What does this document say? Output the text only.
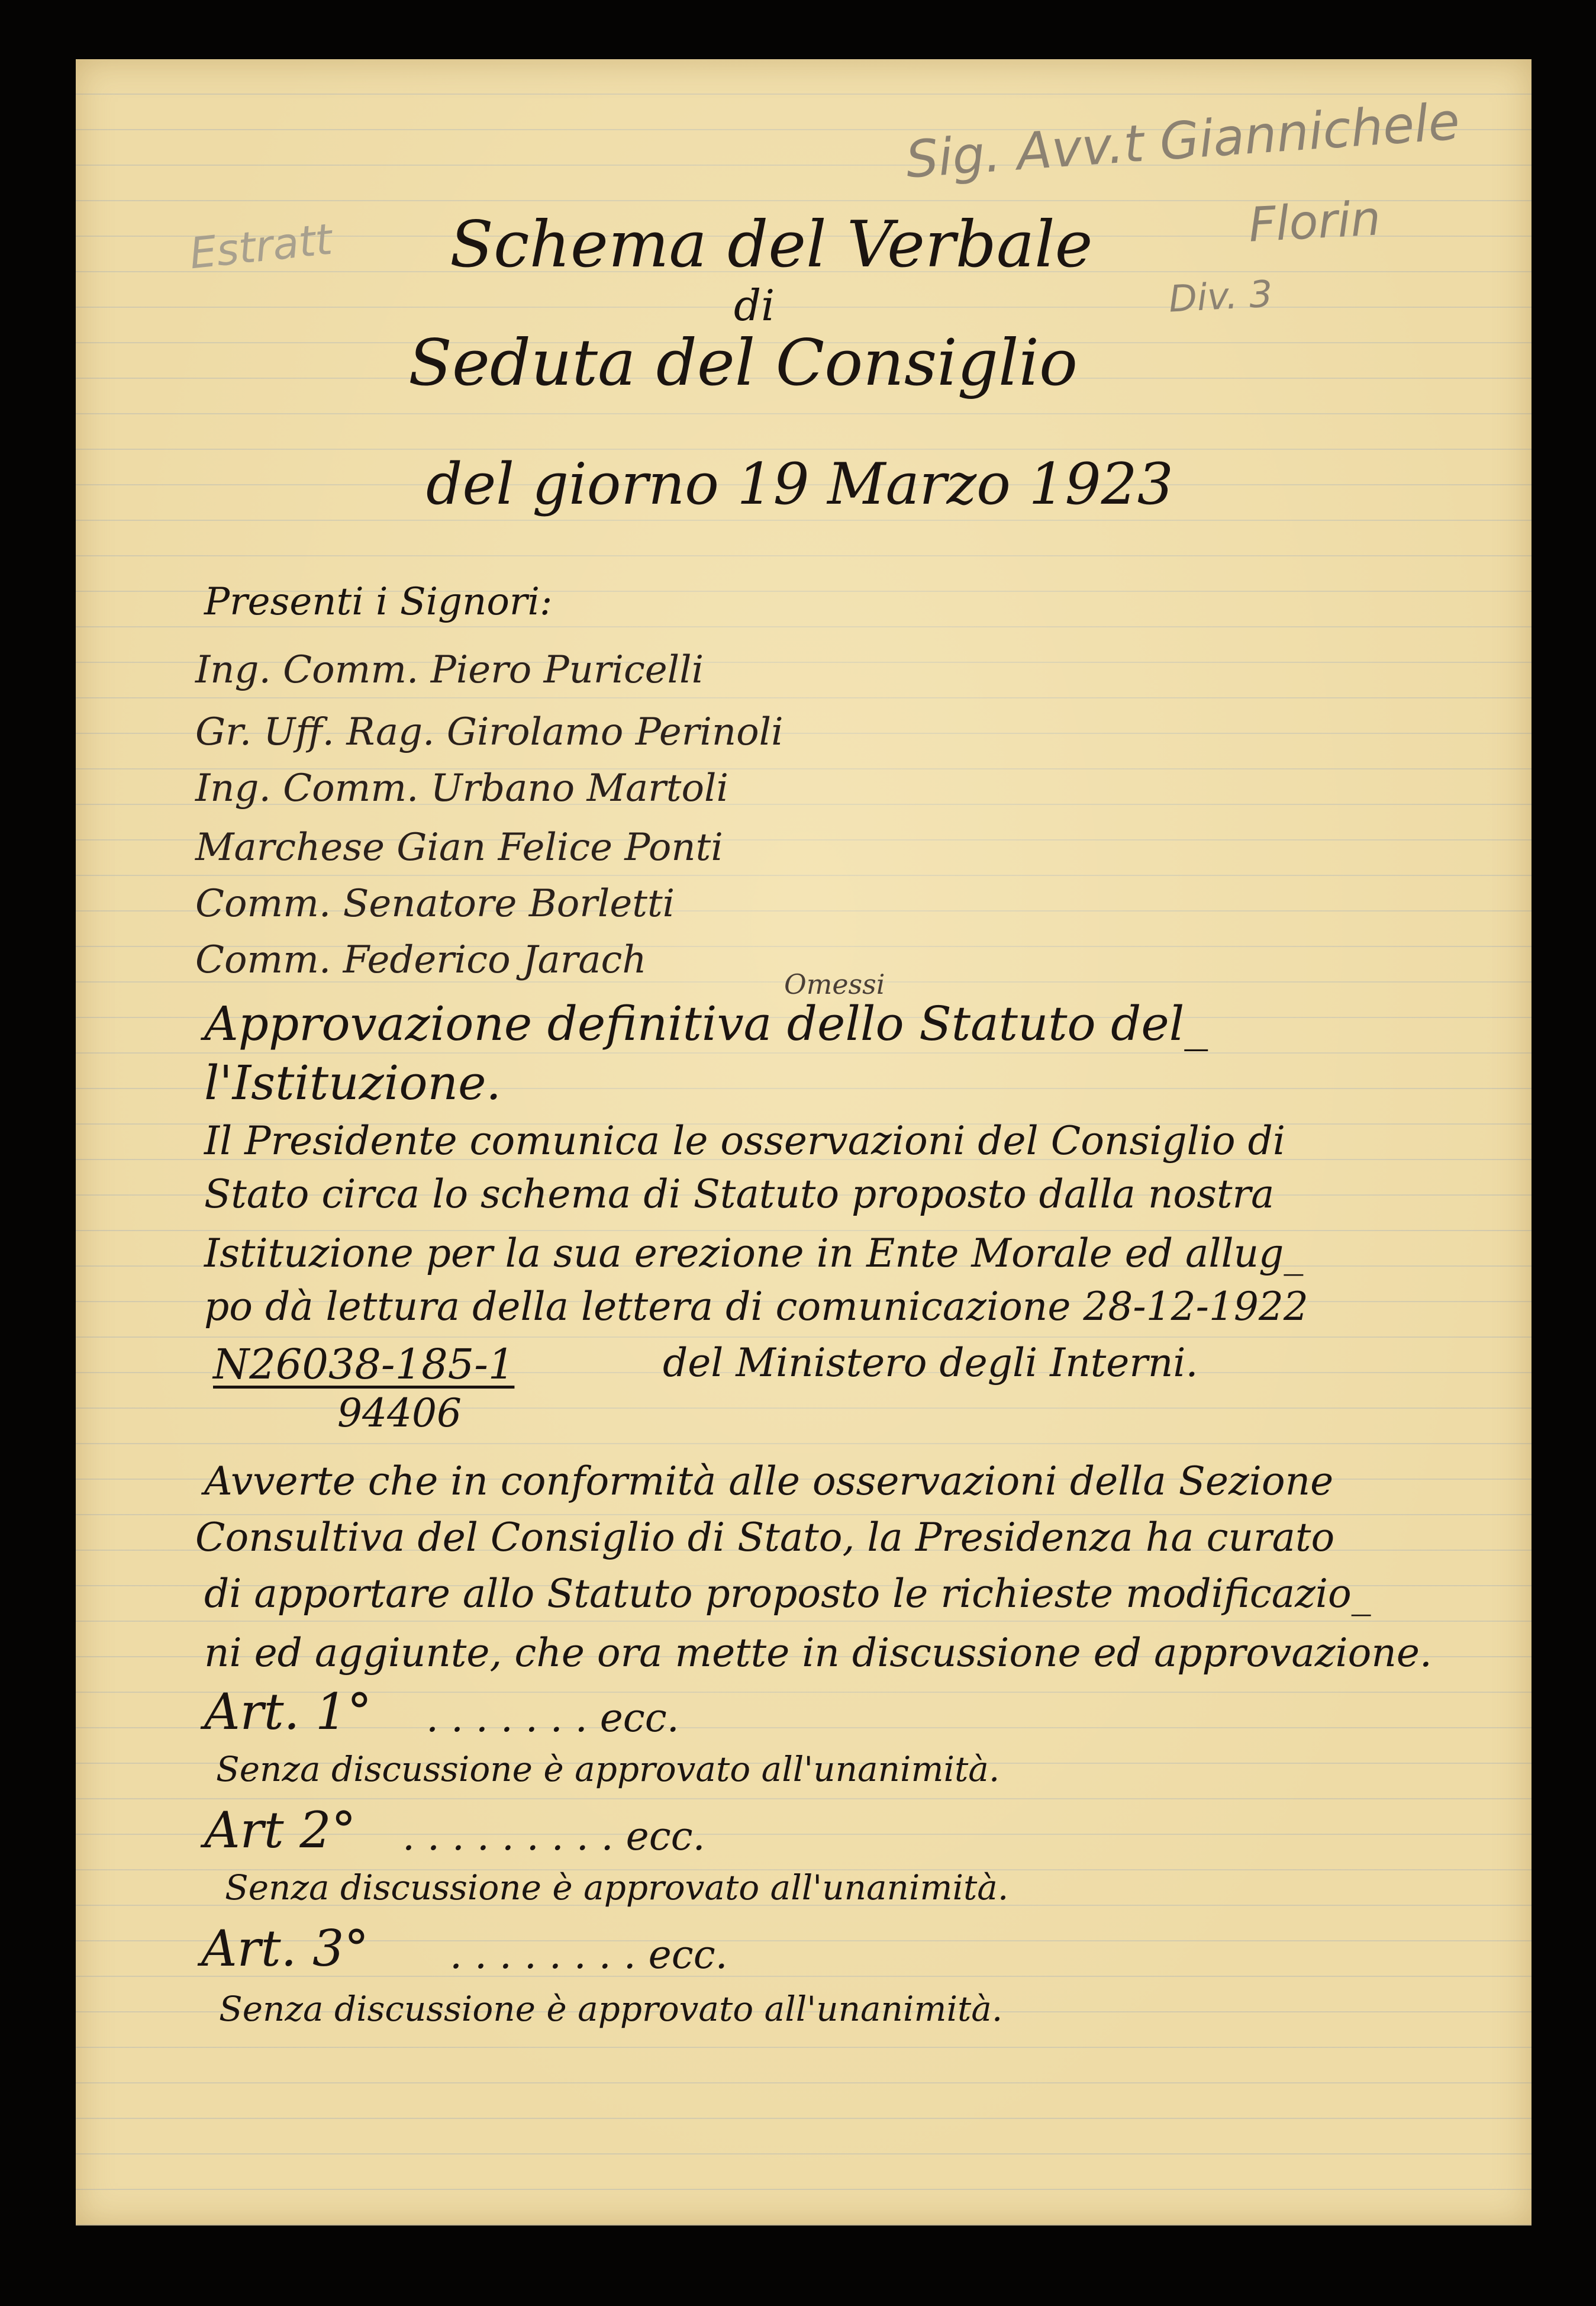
Sig. Avv.t Giannichele
Florin
Estratt
Div. 3
Schema del Verbale
di
Seduta del Consiglio
del giorno 19 Marzo 1923
Presenti i Signori:
Ing. Comm. Piero Puricelli
Gr. Uff. Rag. Girolamo Perinoli
Ing. Comm. Urbano Martoli
Marchese Gian Felice Ponti
Comm. Senatore Borletti
Comm. Federico Jarach
Omessi
Approvazione definitiva dello Statuto del_
l'Istituzione.
Il Presidente comunica le osservazioni del Consiglio di
Stato circa lo schema di Statuto proposto dalla nostra
Istituzione per la sua erezione in Ente Morale ed allug_
po dà lettura della lettera di comunicazione 28-12-1922
N26038-185-1	del Ministero degli Interni.
94406
Avverte che in conformità alle osservazioni della Sezione
Consultiva del Consiglio di Stato, la Presidenza ha curato
di apportare allo Statuto proposto le richieste modificazio_
ni ed aggiunte, che ora mette in discussione ed approvazione.
Art. 1° . . . . . . . ecc.
Senza discussione è approvato all'unanimità.
Art 2° . . . . . . . . . ecc.
Senza discussione è approvato all'unanimità.
Art. 3° . . . . . . . . ecc.
Senza discussione è approvato all'unanimità.
